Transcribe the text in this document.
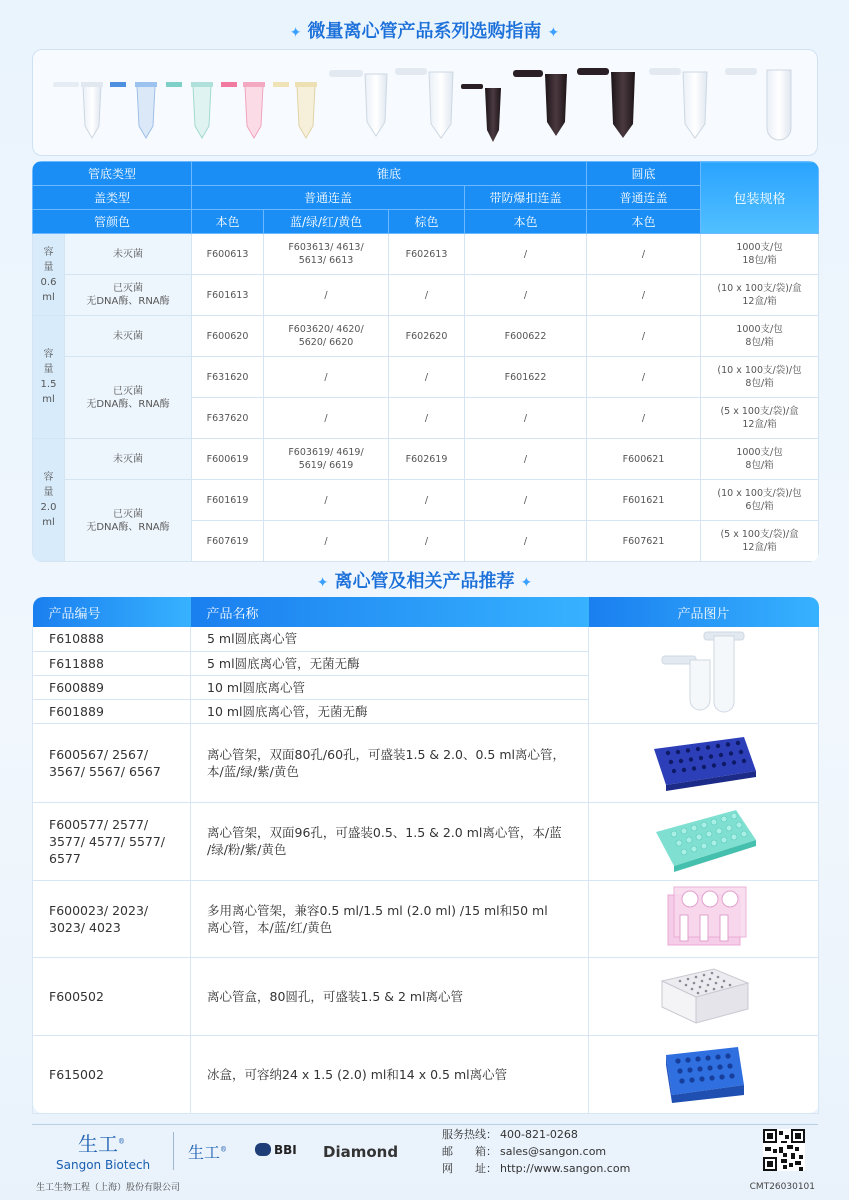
✦ 微量离心管产品系列选购指南 ✦
管底类型		锥底				圆底	包装规格
盖类型		普通连盖			带防爆扣连盖	普通连盖	
管颜色		本色	蓝/绿/红/黄色	棕色	本色	本色	
容
量
0.6
ml	未灭菌	F600613	F603613/ 4613/
5613/ 6613	F602613	/	/	1000支/包
18包/箱
	已灭菌
无DNA酶、RNA酶	F601613	/	/	/	/	(10 x 100支/袋)/盒
12盒/箱
容
量
1.5
ml	未灭菌	F600620	F603620/ 4620/
5620/ 6620	F602620	F600622	/	1000支/包
8包/箱
	已灭菌
无DNA酶、RNA酶	F631620	/	/	F601622	/	(10 x 100支/袋)/包
8包/箱
		F637620	/	/	/	/	(5 x 100支/袋)/盒
12盒/箱
容
量
2.0
ml	未灭菌	F600619	F603619/ 4619/
5619/ 6619	F602619	/	F600621	1000支/包
8包/箱
	已灭菌
无DNA酶、RNA酶	F601619	/	/	/	F601621	(10 x 100支/袋)/包
6包/箱
		F607619	/	/	/	F607621	(5 x 100支/袋)/盒
12盒/箱
✦ 离心管及相关产品推荐 ✦
产品编号	产品名称	产品图片
F610888	5 ml圆底离心管	
F611888	5 ml圆底离心管，无菌无酶	
F600889	10 ml圆底离心管	
F601889	10 ml圆底离心管，无菌无酶	
F600567/ 2567/
3567/ 5567/ 6567	离心管架，双面80孔/60孔，可盛装1.5 & 2.0、0.5 ml离心管，
本/蓝/绿/紫/黄色	
F600577/ 2577/
3577/ 4577/ 5577/
6577	离心管架，双面96孔，可盛装0.5、1.5 & 2.0 ml离心管，本/蓝
/绿/粉/紫/黄色	
F600023/ 2023/
3023/ 4023	多用离心管架，兼容0.5 ml/1.5 ml (2.0 ml) /15 ml和50 ml
离心管，本/蓝/红/黄色	
F600502	离心管盒，80圆孔，可盛装1.5 & 2 ml离心管	
F615002	冰盒，可容纳24 x 1.5 (2.0) ml和14 x 0.5 ml离心管	
生工®
Sangon Biotech
生工®	BBI Diamond
服务热线： 400-821-0268
邮　　箱： sales@sangon.com
网　　址： http://www.sangon.com
生工生物工程（上海）股份有限公司	CMT26030101
